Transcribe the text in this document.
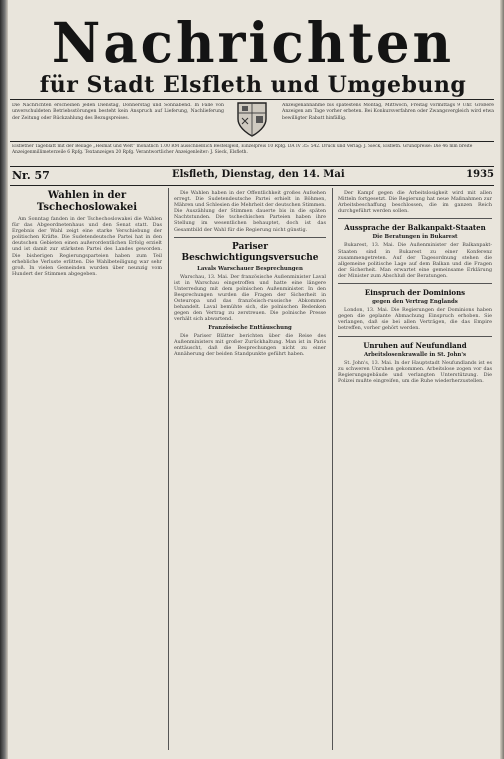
Nachrichten
für Stadt Elsfleth und Umgebung
Die Nachrichten erscheinen jeden Dienstag, Donnerstag und Sonnabend. In Fälle von unverschuldeten Betriebsstörungen besteht kein Anspruch auf Lieferung, Nachlieferung der Zeitung oder Rückzahlung des Bezugspreises.
Anzeigenannahme bis spätestens Montag, Mittwoch, Freitag vormittags 9 Uhr. Größere Anzeigen am Tage vorher erbeten. Bei Konkursverfahren oder Zwangsvergleich wird etwa bewilligter Rabatt hinfällig.
Elsflether Tageblatt mit der Beilage „Heimat und Welt“ monatlich 1.00 RM ausschließlich Bestellgeld, Einzelpreis 10 Rpfg. DA IV 35: 542. Druck und Verlag: J. Sieck, Elsfleth. Grundpreise: Die 46 mm breite Anzeigenmillimeterzeile 6 Rpfg. Textanzeigen 20 Rpfg. Verantwortlicher Anzeigenleiter: J. Sieck, Elsfleth.
Nr. 57	Elsfleth, Dienstag, den 14. Mai	1935

Wahlen in der Tschechoslowakei

Am Sonntag fanden in der Tschechoslowakei die Wahlen für das Abgeordnetenhaus und den Senat statt. Das Ergebnis der Wahl zeigt eine starke Verschiebung der politischen Kräfte. Die Sudetendeutsche Partei hat in den deutschen Gebieten einen außerordentlichen Erfolg erzielt und ist damit zur stärksten Partei des Landes geworden. Die bisherigen Regierungsparteien haben zum Teil erhebliche Verluste erlitten. Die Wahlbeteiligung war sehr groß. In vielen Gemeinden wurden über neunzig vom Hundert der Stimmen abgegeben.

Die Wahlen haben in der Öffentlichkeit großes Aufsehen erregt. Die Sudetendeutsche Partei erhielt in Böhmen, Mähren und Schlesien die Mehrheit der deutschen Stimmen. Die Auszählung der Stimmen dauerte bis in die späten Nachtstunden. Die tschechischen Parteien haben ihre Stellung im wesentlichen behauptet, doch ist das Gesamtbild der Wahl für die Regierung nicht günstig.

Pariser Beschwichtigungsversuche

Lavals Warschauer Besprechungen

Warschau, 13. Mai. Der französische Außenminister Laval ist in Warschau eingetroffen und hatte eine längere Unterredung mit dem polnischen Außenminister. In den Besprechungen wurden die Fragen der Sicherheit in Osteuropa und das französisch-russische Abkommen behandelt. Laval bemühte sich, die polnischen Bedenken gegen den Vertrag zu zerstreuen. Die polnische Presse verhält sich abwartend.

Französische Enttäuschung

Die Pariser Blätter berichten über die Reise des Außenministers mit großer Zurückhaltung. Man ist in Paris enttäuscht, daß die Besprechungen nicht zu einer Annäherung der beiden Standpunkte geführt haben.

Der Kampf gegen die Arbeitslosigkeit wird mit allen Mitteln fortgesetzt. Die Regierung hat neue Maßnahmen zur Arbeitsbeschaffung beschlossen, die im ganzen Reich durchgeführt werden sollen.

Aussprache der Balkanpakt-Staaten

Die Beratungen in Bukarest

Bukarest, 13. Mai. Die Außenminister der Balkanpakt-Staaten sind in Bukarest zu einer Konferenz zusammengetreten. Auf der Tagesordnung stehen die allgemeine politische Lage auf dem Balkan und die Fragen der Sicherheit. Man erwartet eine gemeinsame Erklärung der Minister zum Abschluß der Beratungen.

Einspruch der Dominions

gegen den Vertrag Englands

London, 13. Mai. Die Regierungen der Dominions haben gegen die geplante Abmachung Einspruch erhoben. Sie verlangen, daß sie bei allen Verträgen, die das Empire betreffen, vorher gehört werden.

Unruhen auf Neufundland

Arbeitslosenkrawalle in St. John's

St. John's, 13. Mai. In der Hauptstadt Neufundlands ist es zu schweren Unruhen gekommen. Arbeitslose zogen vor das Regierungsgebäude und verlangten Unterstützung. Die Polizei mußte eingreifen, um die Ruhe wiederherzustellen.
